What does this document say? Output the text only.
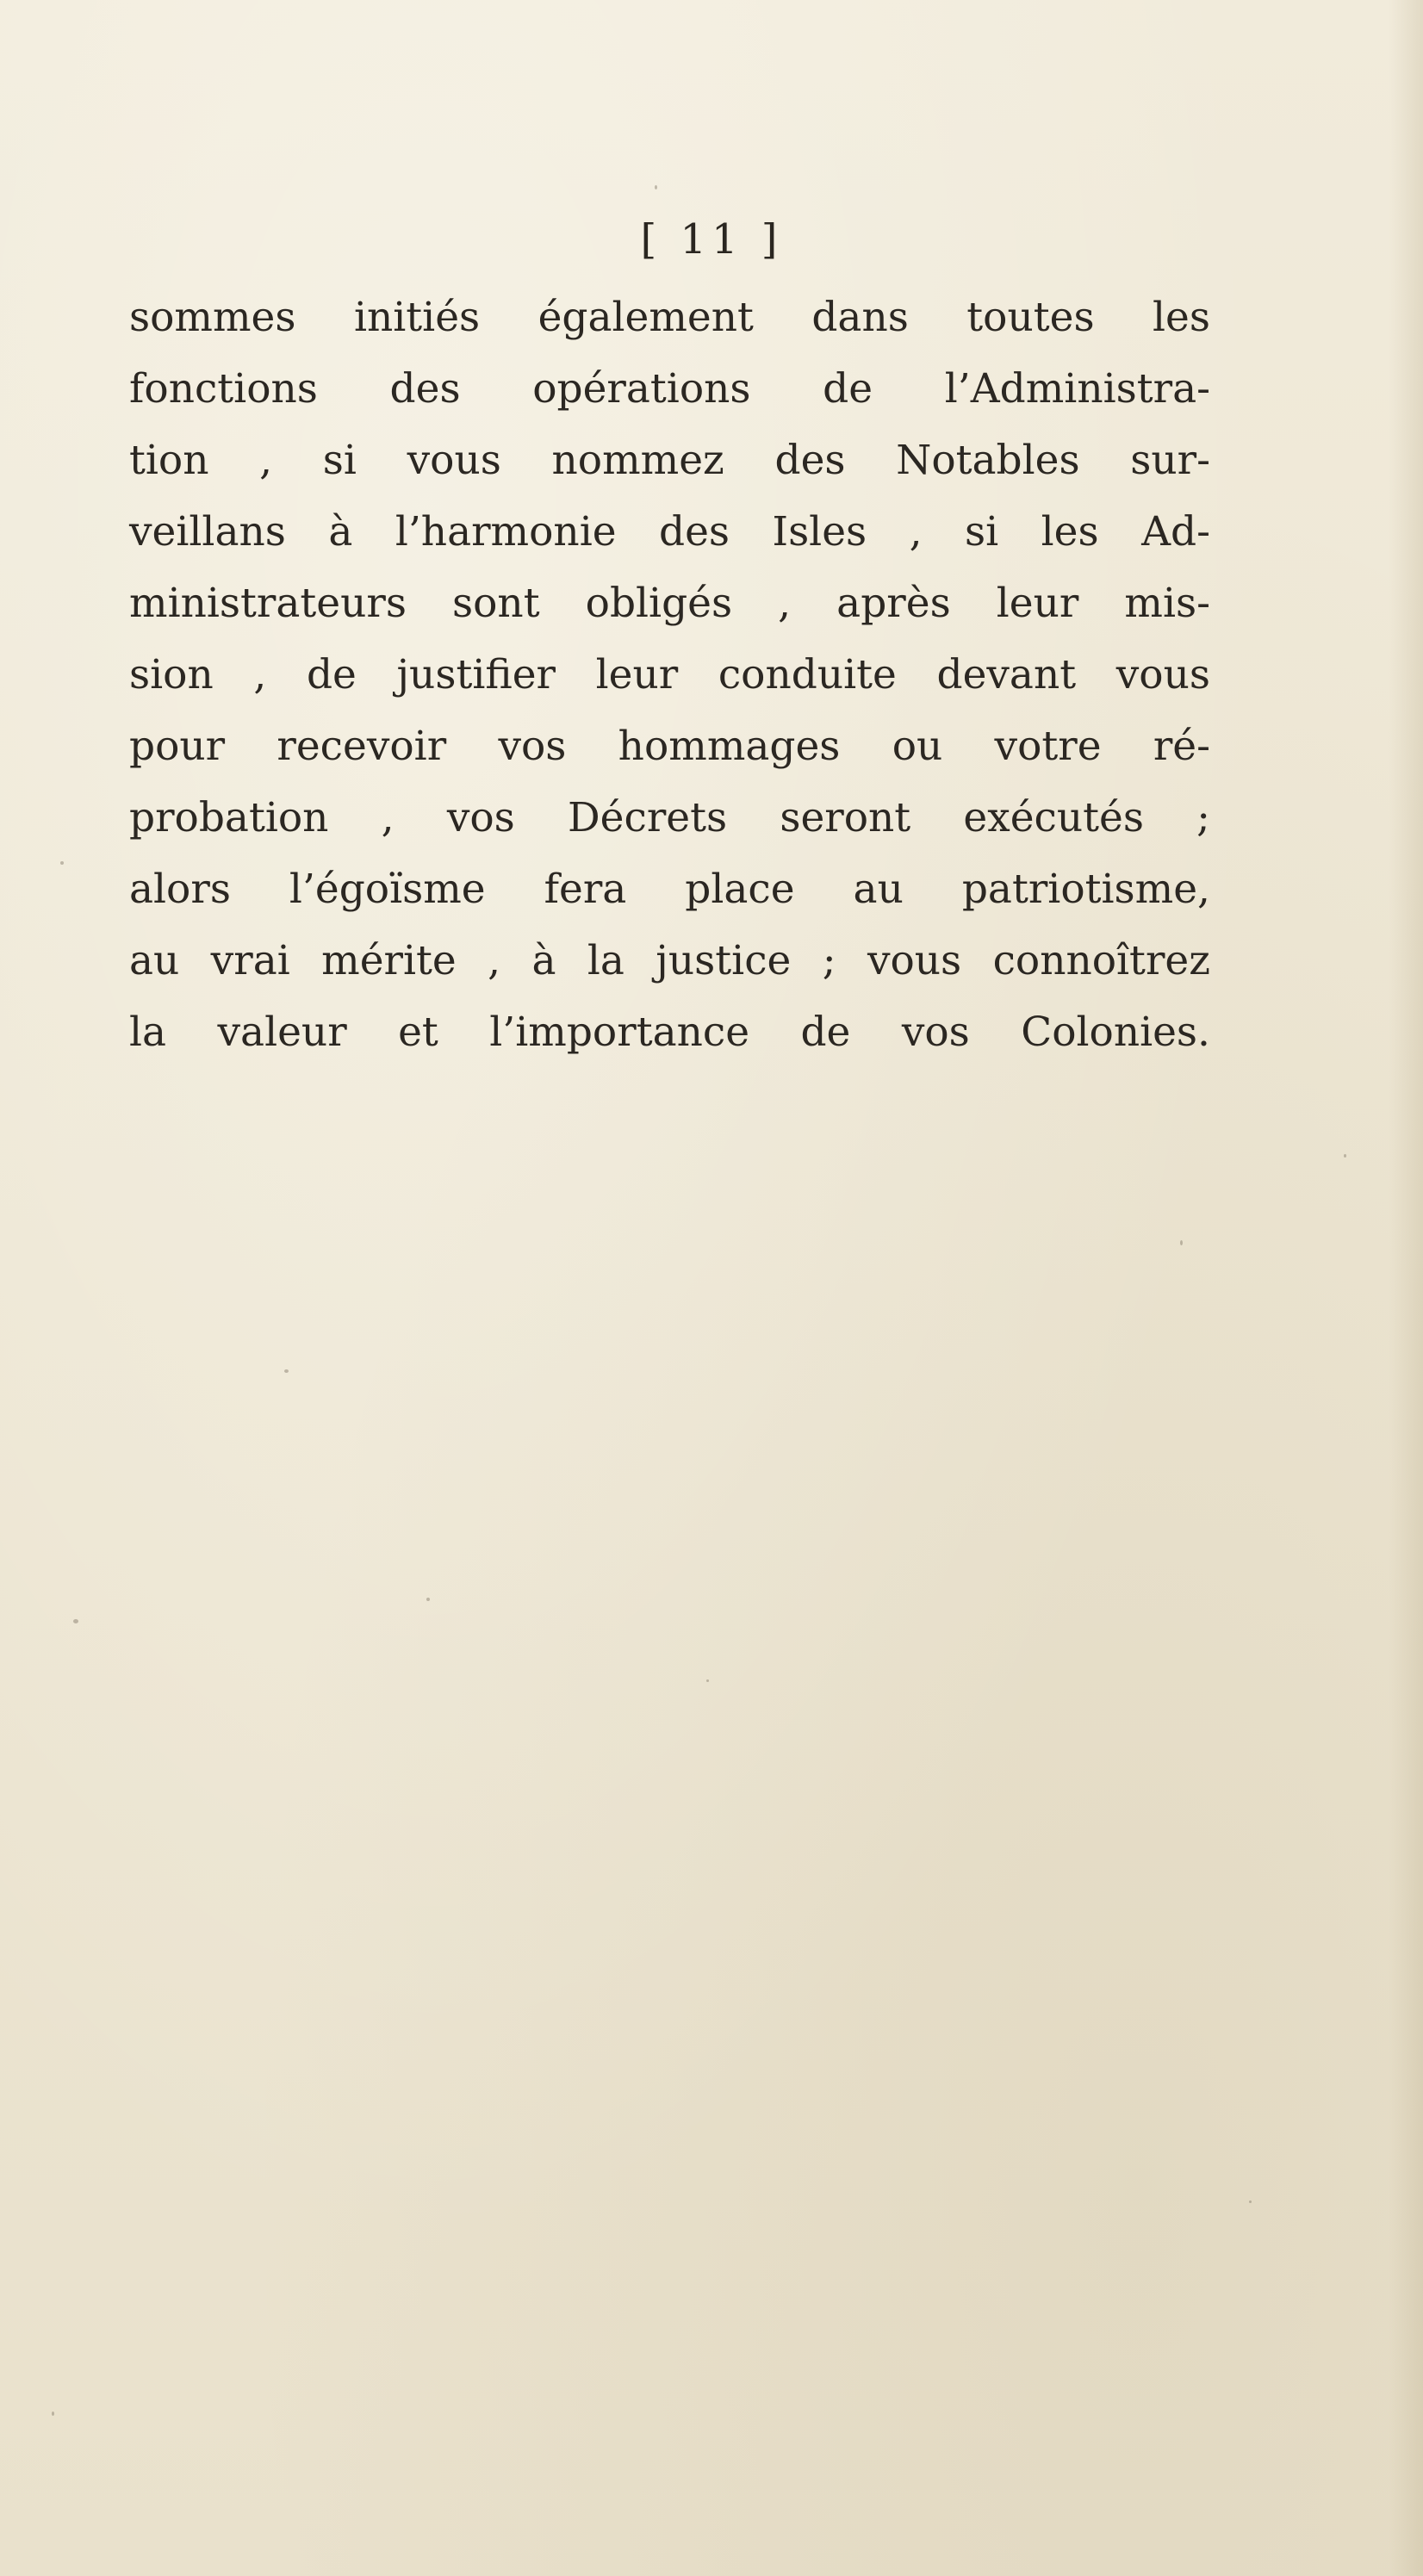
[ 11 ]
sommes initiés également dans toutes les
fonctions des opérations de l’Administra-
tion , si vous nommez des Notables sur-
veillans à l’harmonie des Isles , si les Ad-
ministrateurs sont obligés , après leur mis-
sion , de justifier leur conduite devant vous
pour recevoir vos hommages ou votre ré-
probation , vos Décrets seront exécutés ;
alors l’égoïsme fera place au patriotisme,
au vrai mérite , à la justice ; vous connoîtrez
la valeur et l’importance de vos Colonies.
